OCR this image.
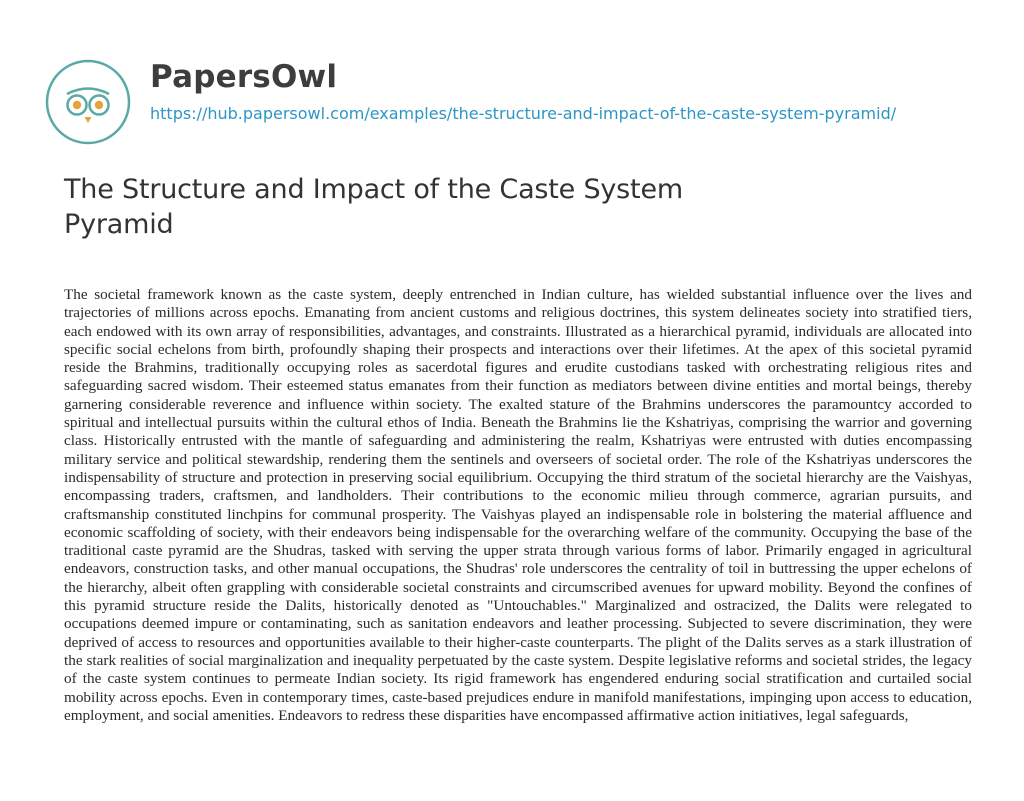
PapersOwl
https://hub.papersowl.com/examples/the-structure-and-impact-of-the-caste-system-pyramid/
The Structure and Impact of the Caste System Pyramid

The societal framework known as the caste system, deeply entrenched in Indian culture, has wielded substantial influence over the lives and trajectories of millions across epochs. Emanating from ancient customs and religious doctrines, this system delineates society into stratified tiers, each endowed with its own array of responsibilities, advantages, and constraints. Illustrated as a hierarchical pyramid, individuals are allocated into specific social echelons from birth, profoundly shaping their prospects and interactions over their lifetimes. At the apex of this societal pyramid reside the Brahmins, traditionally occupying roles as sacerdotal figures and erudite custodians tasked with orchestrating religious rites and safeguarding sacred wisdom. Their esteemed status emanates from their function as mediators between divine entities and mortal beings, thereby garnering considerable reverence and influence within society. The exalted stature of the Brahmins underscores the paramountcy accorded to spiritual and intellectual pursuits within the cultural ethos of India. Beneath the Brahmins lie the Kshatriyas, comprising the warrior and governing class. Historically entrusted with the mantle of safeguarding and administering the realm, Kshatriyas were entrusted with duties encompassing military service and political stewardship, rendering them the sentinels and overseers of societal order. The role of the Kshatriyas underscores the indispensability of structure and protection in preserving social equilibrium. Occupying the third stratum of the societal hierarchy are the Vaishyas, encompassing traders, craftsmen, and landholders. Their contributions to the economic milieu through commerce, agrarian pursuits, and craftsmanship constituted linchpins for communal prosperity. The Vaishyas played an indispensable role in bolstering the material affluence and economic scaffolding of society, with their endeavors being indispensable for the overarching welfare of the community. Occupying the base of the traditional caste pyramid are the Shudras, tasked with serving the upper strata through various forms of labor. Primarily engaged in agricultural endeavors, construction tasks, and other manual occupations, the Shudras' role underscores the centrality of toil in buttressing the upper echelons of the hierarchy, albeit often grappling with considerable societal constraints and circumscribed avenues for upward mobility. Beyond the confines of this pyramid structure reside the Dalits, historically denoted as "Untouchables." Marginalized and ostracized, the Dalits were relegated to occupations deemed impure or contaminating, such as sanitation endeavors and leather processing. Subjected to severe discrimination, they were deprived of access to resources and opportunities available to their higher-caste counterparts. The plight of the Dalits serves as a stark illustration of the stark realities of social marginalization and inequality perpetuated by the caste system. Despite legislative reforms and societal strides, the legacy of the caste system continues to permeate Indian society. Its rigid framework has engendered enduring social stratification and curtailed social mobility across epochs. Even in contemporary times, caste-based prejudices endure in manifold manifestations, impinging upon access to education, employment, and social amenities. Endeavors to redress these disparities have encompassed affirmative action initiatives, legal safeguards,
